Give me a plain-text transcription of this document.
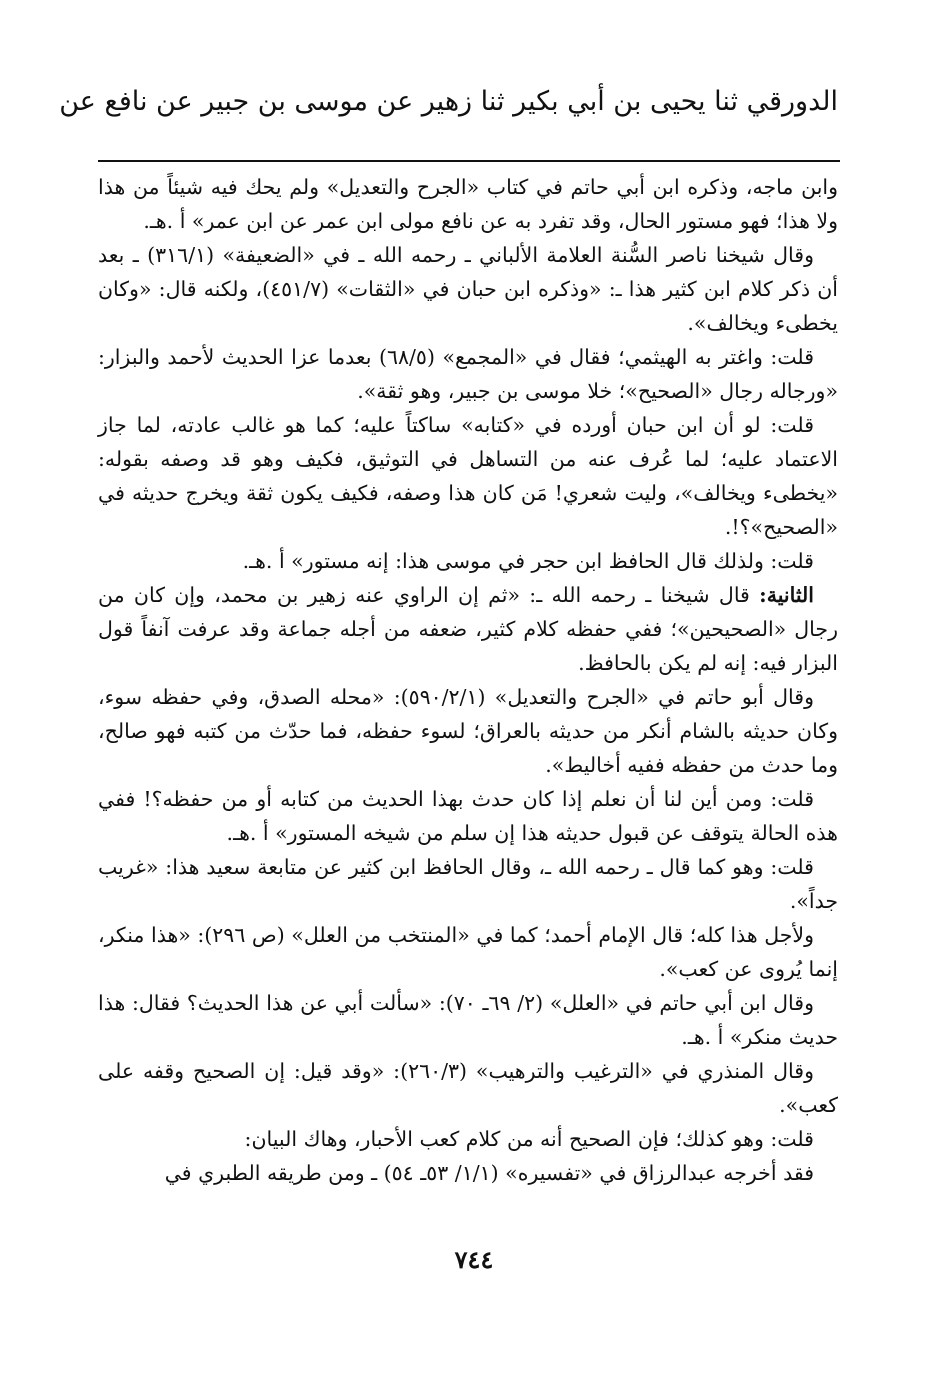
الدورقي ثنا يحيى بن أبي بكير ثنا زهير عن موسى بن جبير عن نافع عن

وابن ماجه، وذكره ابن أبي حاتم في كتاب «الجرح والتعديل» ولم يحك فيه شيئاً من هذا ولا هذا؛ فهو مستور الحال، وقد تفرد به عن نافع مولى ابن عمر عن ابن عمر» أ .هـ.

وقال شيخنا ناصر السُّنة العلامة الألباني ـ رحمه الله ـ في «الضعيفة» (٣١٦/١) ـ بعد أن ذكر كلام ابن كثير هذا ـ: «وذكره ابن حبان في «الثقات» (٤٥١/٧)، ولكنه قال: «وكان يخطىء ويخالف».

قلت: واغتر به الهيثمي؛ فقال في «المجمع» (٦٨/٥) بعدما عزا الحديث لأحمد والبزار: «ورجاله رجال «الصحيح»؛ خلا موسى بن جبير، وهو ثقة».

قلت: لو أن ابن حبان أورده في «كتابه» ساكتاً عليه؛ كما هو غالب عادته، لما جاز الاعتماد عليه؛ لما عُرف عنه من التساهل في التوثيق، فكيف وهو قد وصفه بقوله: «يخطىء ويخالف»، وليت شعري! مَن كان هذا وصفه، فكيف يكون ثقة ويخرج حديثه في «الصحيح»؟!.

قلت: ولذلك قال الحافظ ابن حجر في موسى هذا: إنه مستور» أ .هـ.

الثانية: قال شيخنا ـ رحمه الله ـ: «ثم إن الراوي عنه زهير بن محمد، وإن كان من رجال «الصحيحين»؛ ففي حفظه كلام كثير، ضعفه من أجله جماعة وقد عرفت آنفاً قول البزار فيه: إنه لم يكن بالحافظ.

وقال أبو حاتم في «الجرح والتعديل» (٥٩٠/٢/١): «محله الصدق، وفي حفظه سوء، وكان حديثه بالشام أنكر من حديثه بالعراق؛ لسوء حفظه، فما حدّث من كتبه فهو صالح، وما حدث من حفظه ففيه أخاليط».

قلت: ومن أين لنا أن نعلم إذا كان حدث بهذا الحديث من كتابه أو من حفظه؟! ففي هذه الحالة يتوقف عن قبول حديثه هذا إن سلم من شيخه المستور» أ .هـ.

قلت: وهو كما قال ـ رحمه الله ـ، وقال الحافظ ابن كثير عن متابعة سعيد هذا: «غريب جداً».

ولأجل هذا كله؛ قال الإمام أحمد؛ كما في «المنتخب من العلل» (ص ٢٩٦): «هذا منكر، إنما يُروى عن كعب».

وقال ابن أبي حاتم في «العلل» (٢/ ٦٩ـ ٧٠): «سألت أبي عن هذا الحديث؟ فقال: هذا حديث منكر» أ .هـ.

وقال المنذري في «الترغيب والترهيب» (٢٦٠/٣): «وقد قيل: إن الصحيح وقفه على كعب».

قلت: وهو كذلك؛ فإن الصحيح أنه من كلام كعب الأحبار، وهاك البيان:

فقد أخرجه عبدالرزاق في «تفسيره» (١/١/ ٥٣ـ ٥٤) ـ ومن طريقه الطبري في

٧٤٤
